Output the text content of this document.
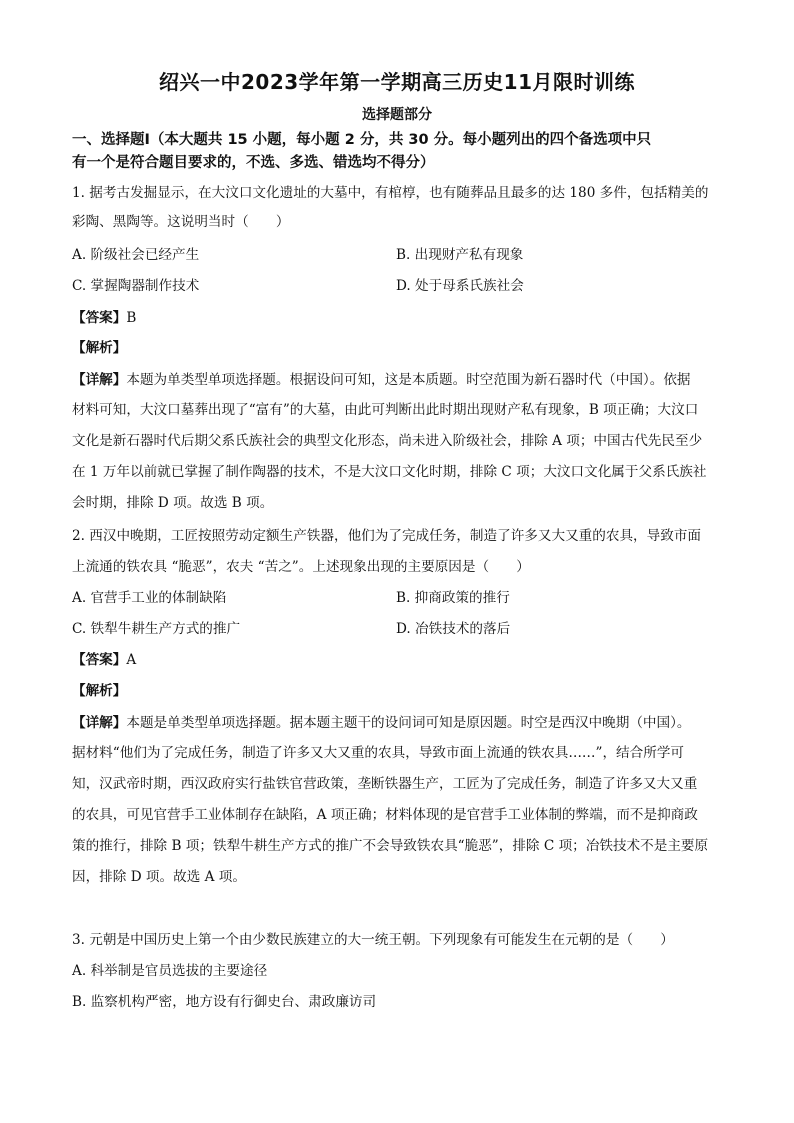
绍兴一中2023学年第一学期高三历史11月限时训练
选择题部分
一、选择题Ⅰ（本大题共 15 小题，每小题 2 分，共 30 分。每小题列出的四个备选项中只
有一个是符合题目要求的，不选、多选、错选均不得分）
1. 据考古发掘显示，在大汶口文化遗址的大墓中，有棺椁，也有随葬品且最多的达 180 多件，包括精美的
彩陶、黑陶等。这说明当时（　　）
A. 阶级社会已经产生	B. 出现财产私有现象
C. 掌握陶器制作技术	D. 处于母系氏族社会
【答案】B
【解析】
【详解】本题为单类型单项选择题。根据设问可知，这是本质题。时空范围为新石器时代（中国）。依据
材料可知，大汶口墓葬出现了“富有”的大墓，由此可判断出此时期出现财产私有现象，B 项正确；大汶口
文化是新石器时代后期父系氏族社会的典型文化形态，尚未进入阶级社会，排除 A 项；中国古代先民至少
在 1 万年以前就已掌握了制作陶器的技术，不是大汶口文化时期，排除 C 项；大汶口文化属于父系氏族社
会时期，排除 D 项。故选 B 项。
2. 西汉中晚期，工匠按照劳动定额生产铁器，他们为了完成任务，制造了许多又大又重的农具，导致市面
上流通的铁农具 “脆恶”，农夫 “苦之”。上述现象出现的主要原因是（　　）
A. 官营手工业的体制缺陷	B. 抑商政策的推行
C. 铁犁牛耕生产方式的推广	D. 冶铁技术的落后
【答案】A
【解析】
【详解】本题是单类型单项选择题。据本题主题干的设问词可知是原因题。时空是西汉中晚期（中国）。
据材料“他们为了完成任务，制造了许多又大又重的农具，导致市面上流通的铁农具……”，结合所学可
知，汉武帝时期，西汉政府实行盐铁官营政策，垄断铁器生产，工匠为了完成任务，制造了许多又大又重
的农具，可见官营手工业体制存在缺陷，A 项正确；材料体现的是官营手工业体制的弊端，而不是抑商政
策的推行，排除 B 项；铁犁牛耕生产方式的推广不会导致铁农具“脆恶”，排除 C 项；冶铁技术不是主要原
因，排除 D 项。故选 A 项。
3. 元朝是中国历史上第一个由少数民族建立的大一统王朝。下列现象有可能发生在元朝的是（　　）
A. 科举制是官员选拔的主要途径
B. 监察机构严密，地方设有行御史台、肃政廉访司
